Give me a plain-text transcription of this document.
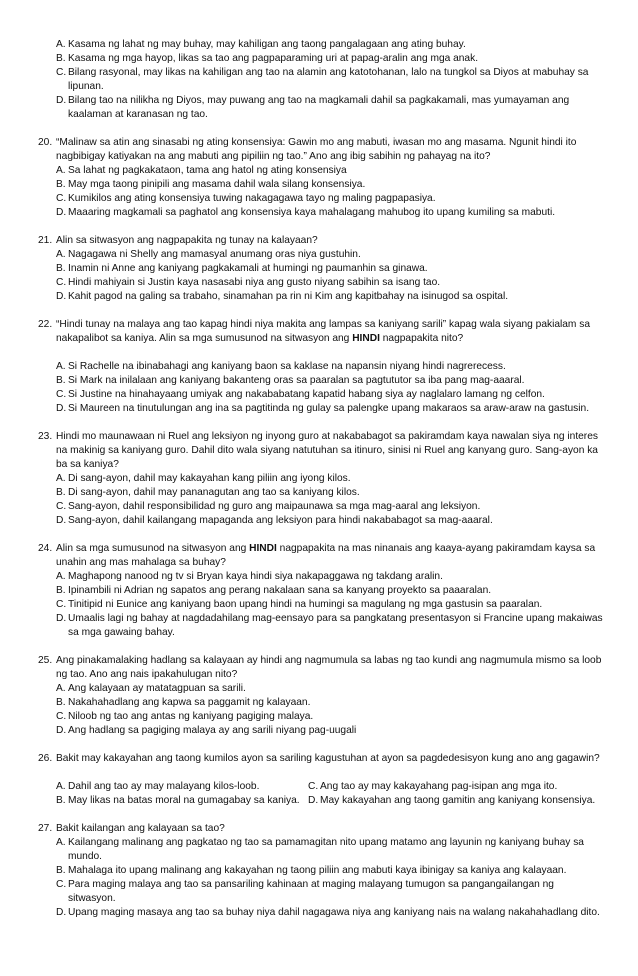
A. Kasama ng lahat ng may buhay, may kahiligan ang taong pangalagaan ang ating buhay.
B. Kasama ng mga hayop, likas sa tao ang pagpaparaming uri at papag-aralin ang mga anak.
C. Bilang rasyonal, may likas na kahiligan ang tao na alamin ang katotohanan, lalo na tungkol sa Diyos at mabuhay sa lipunan.
D. Bilang tao na nilikha ng Diyos, may puwang ang tao na magkamali dahil sa pagkakamali, mas yumayaman ang kaalaman at karanasan ng tao.
20. “Malinaw sa atin ang sinasabi ng ating konsensiya: Gawin mo ang mabuti, iwasan mo ang masama. Ngunit hindi ito nagbibigay katiyakan na ang mabuti ang pipiliin ng tao.” Ano ang ibig sabihin ng pahayag na ito?
A. Sa lahat ng pagkakataon, tama ang hatol ng ating konsensiya
B. May mga taong pinipili ang masama dahil wala silang konsensiya.
C. Kumikilos ang ating konsensiya tuwing nakagagawa tayo ng maling pagpapasiya.
D. Maaaring magkamali sa paghatol ang konsensiya kaya mahalagang mahubog ito upang kumiling sa mabuti.
21. Alin sa sitwasyon ang nagpapakita ng tunay na kalayaan?
A. Nagagawa ni Shelly ang mamasyal anumang oras niya gustuhin.
B. Inamin ni Anne ang kaniyang pagkakamali at humingi ng paumanhin sa ginawa.
C. Hindi mahiyain si Justin kaya nasasabi niya ang gusto niyang sabihin sa isang tao.
D. Kahit pagod na galing sa trabaho, sinamahan pa rin ni Kim ang kapitbahay na isinugod sa ospital.
22. “Hindi tunay na malaya ang tao kapag hindi niya makita ang lampas sa kaniyang sarili” kapag wala siyang pakialam sa nakapalibot sa kaniya. Alin sa mga sumusunod na sitwasyon ang HINDI nagpapakita nito?
A. Si Rachelle na ibinabahagi ang kaniyang baon sa kaklase na napansin niyang hindi nagrerecess.
B. Si Mark na inilalaan ang kaniyang bakanteng oras sa paaralan sa pagtututor sa iba pang mag-aaaral.
C. Si Justine na hinahayaang umiyak ang nakababatang kapatid habang siya ay naglalaro lamang ng celfon.
D. Si Maureen na tinutulungan ang ina sa pagtitinda ng gulay sa palengke upang makaraos sa araw-araw na gastusin.
23. Hindi mo maunawaan ni Ruel ang leksiyon ng inyong guro at nakababagot sa pakiramdam kaya nawalan siya ng interes na makinig sa kaniyang guro. Dahil dito wala siyang natutuhan sa itinuro, sinisi ni Ruel ang kanyang guro. Sang-ayon ka ba sa kaniya?
A. Di sang-ayon, dahil may kakayahan kang piliin ang iyong kilos.
B. Di sang-ayon, dahil may pananagutan ang tao sa kaniyang kilos.
C. Sang-ayon, dahil responsibilidad ng guro ang maipaunawa sa mga mag-aaral ang leksiyon.
D. Sang-ayon, dahil kailangang mapaganda ang leksiyon para hindi nakababagot sa mag-aaaral.
24. Alin sa mga sumusunod na sitwasyon ang HINDI nagpapakita na mas ninanais ang kaaya-ayang pakiramdam kaysa sa unahin ang mas mahalaga sa buhay?
A. Maghapong nanood ng tv si Bryan kaya hindi siya nakapaggawa ng takdang aralin.
B. Ipinambili ni Adrian ng sapatos ang perang nakalaan sana sa kanyang proyekto sa paaaralan.
C. Tinitipid ni Eunice ang kaniyang baon upang hindi na humingi sa magulang ng mga gastusin sa paaralan.
D. Umaalis lagi ng bahay at nagdadahilang mag-eensayo para sa pangkatang presentasyon si Francine upang makaiwas sa mga gawaing bahay.
25. Ang pinakamalaking hadlang sa kalayaan ay hindi ang nagmumula sa labas ng tao kundi ang nagmumula mismo sa loob ng tao. Ano ang nais ipakahulugan nito?
A. Ang kalayaan ay matatagpuan sa sarili.
B. Nakahahadlang ang kapwa sa paggamit ng kalayaan.
C. Niloob ng tao ang antas ng kaniyang pagiging malaya.
D. Ang hadlang sa pagiging malaya ay ang sarili niyang pag-uugali
26. Bakit may kakayahan ang taong kumilos ayon sa sariling kagustuhan at ayon sa pagdedesisyon kung ano ang gagawin?
A. Dahil ang tao ay may malayang kilos-loob.
B. May likas na batas moral na gumagabay sa kaniya.
C. Ang tao ay may kakayahang pag-isipan ang mga ito.
D. May kakayahan ang taong gamitin ang kaniyang konsensiya.
27. Bakit kailangan ang kalayaan sa tao?
A. Kailangang malinang ang pagkatao ng tao sa pamamagitan nito upang matamo ang layunin ng kaniyang buhay sa mundo.
B. Mahalaga ito upang malinang ang kakayahan ng taong piliin ang mabuti kaya ibinigay sa kaniya ang kalayaan.
C. Para maging malaya ang tao sa pansariling kahinaan at maging malayang tumugon sa pangangailangan ng sitwasyon.
D. Upang maging masaya ang tao sa buhay niya dahil nagagawa niya ang kaniyang nais na walang nakahahadlang dito.
